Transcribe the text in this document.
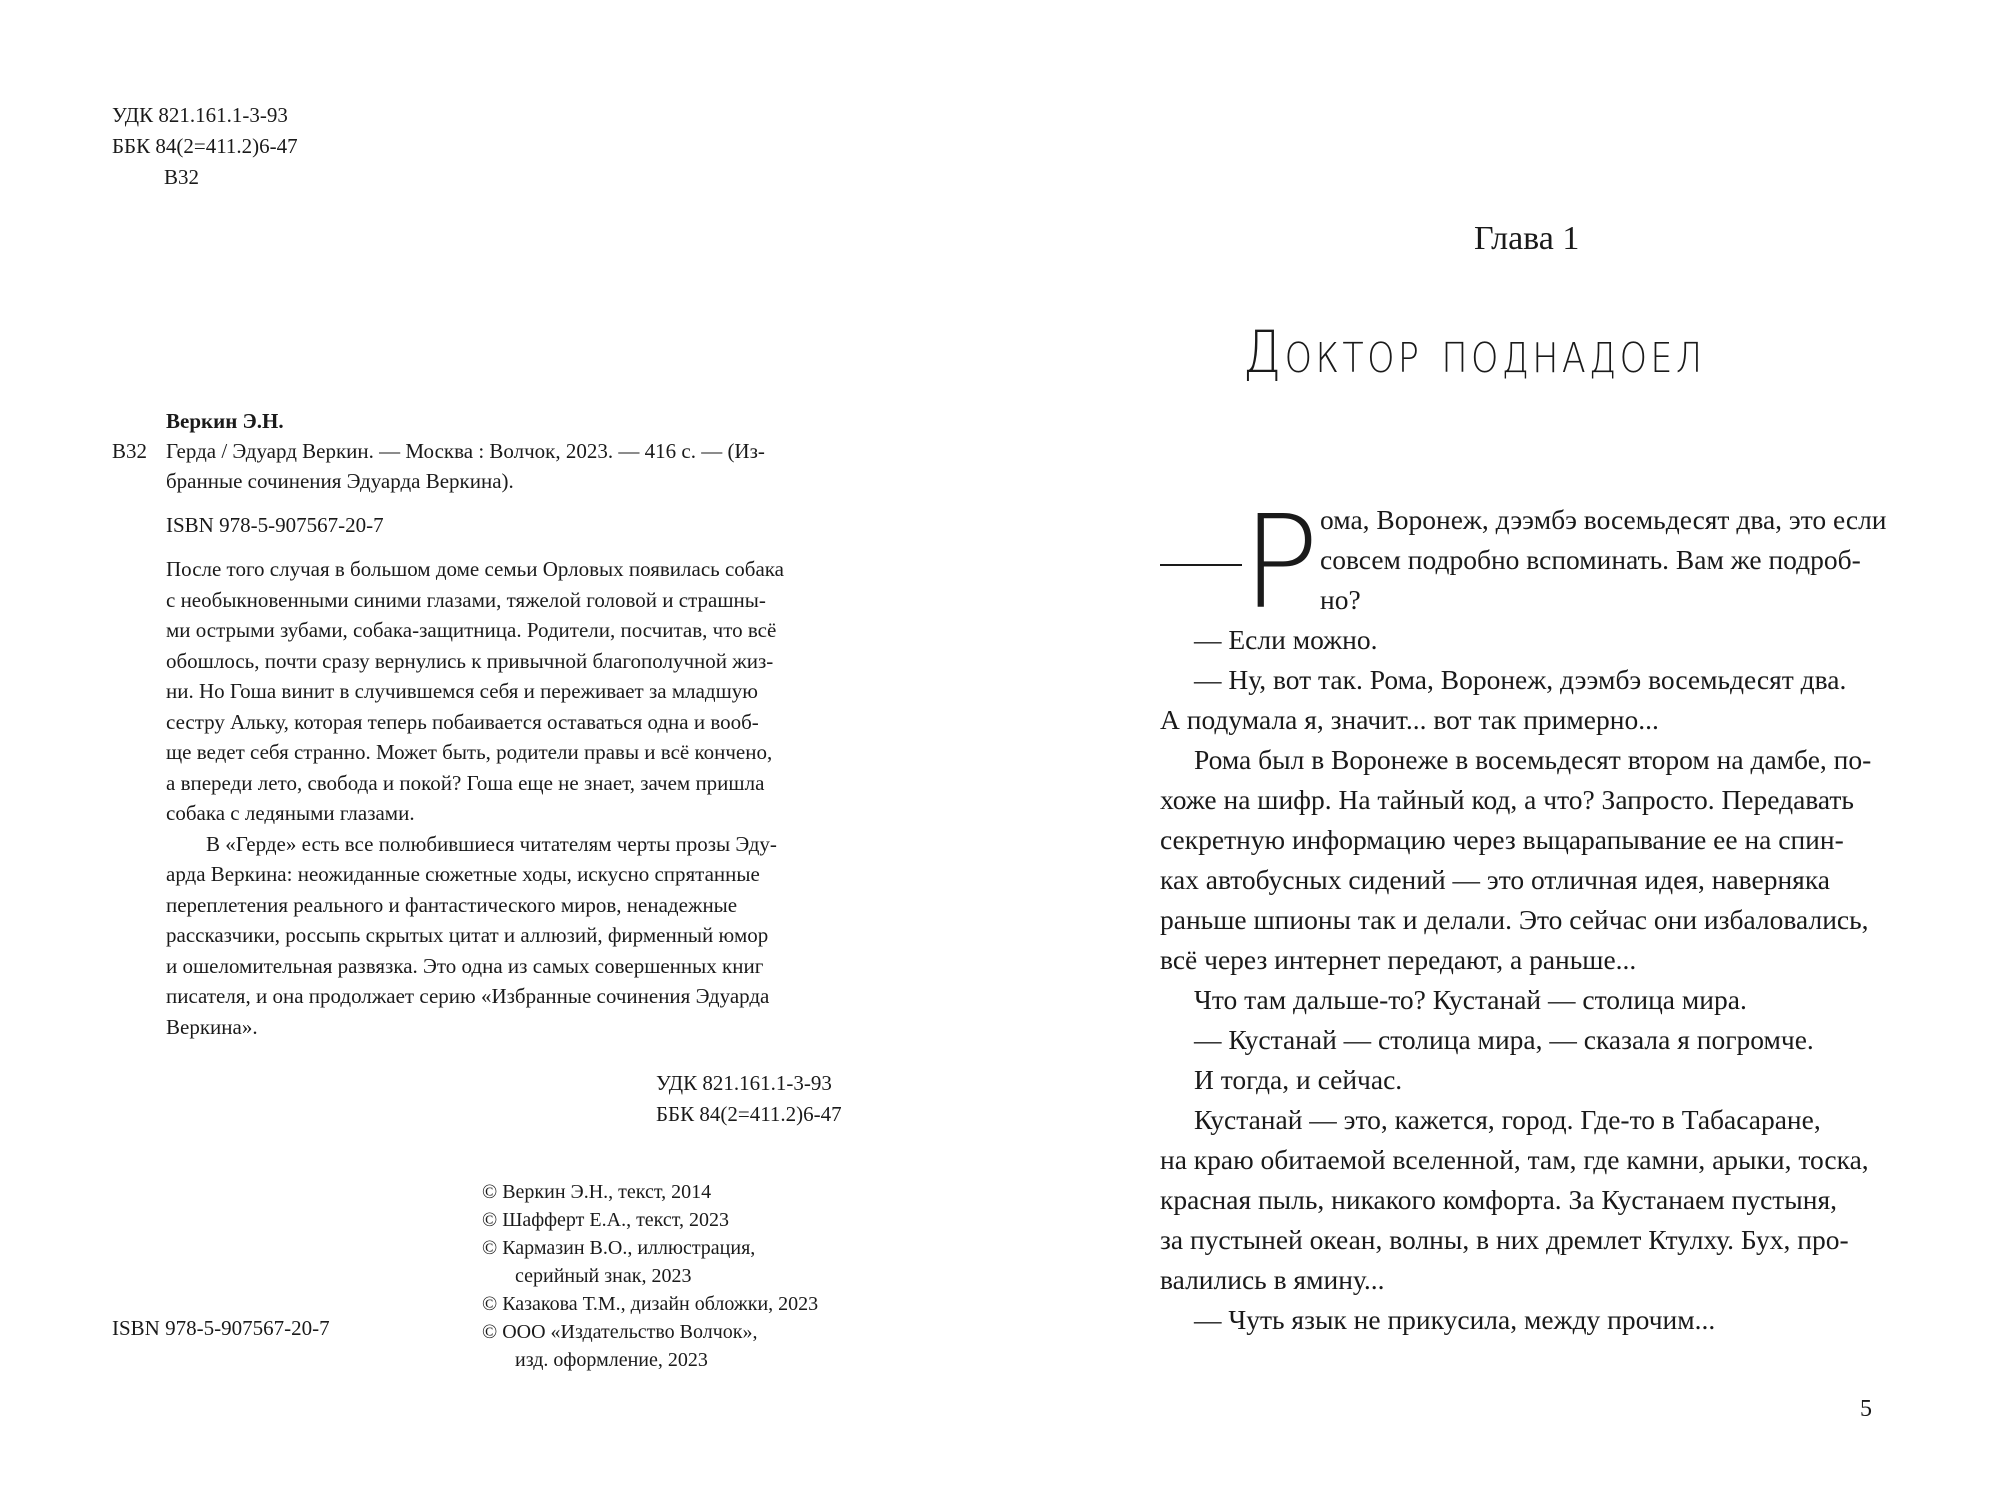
УДК 821.161.1-3-93
ББК 84(2=411.2)6-47
В32
Веркин Э.Н.
В32 Герда / Эдуард Веркин. — Москва : Волчок, 2023. — 416 с. — (Из-
бранные сочинения Эдуарда Веркина).
ISBN 978-5-907567-20-7
После того случая в большом доме семьи Орловых появилась собака
с необыкновенными синими глазами, тяжелой головой и страшны-
ми острыми зубами, собака-защитница. Родители, посчитав, что всё
обошлось, почти сразу вернулись к привычной благополучной жиз-
ни. Но Гоша винит в случившемся себя и переживает за младшую
сестру Альку, которая теперь побаивается оставаться одна и вооб-
ще ведет себя странно. Может быть, родители правы и всё кончено,
а впереди лето, свобода и покой? Гоша еще не знает, зачем пришла
собака с ледяными глазами.
В «Герде» есть все полюбившиеся читателям черты прозы Эду-
арда Веркина: неожиданные сюжетные ходы, искусно спрятанные
переплетения реального и фантастического миров, ненадежные
рассказчики, россыпь скрытых цитат и аллюзий, фирменный юмор
и ошеломительная развязка. Это одна из самых совершенных книг
писателя, и она продолжает серию «Избранные сочинения Эдуарда
Веркина».
УДК 821.161.1-3-93
ББК 84(2=411.2)6-47
© Веркин Э.Н., текст, 2014
© Шафферт Е.А., текст, 2023
© Кармазин В.О., иллюстрация,
серийный знак, 2023
© Казакова Т.М., дизайн обложки, 2023
© ООО «Издательство Волчок»,
изд. оформление, 2023
ISBN 978-5-907567-20-7
Глава 1
Доктор поднадоел
Р ома, Воронеж, дээмбэ восемьдесят два, это если
совсем подробно вспоминать. Вам же подроб-
но?
— Если можно.
— Ну, вот так. Рома, Воронеж, дээмбэ восемьдесят два.
А подумала я, значит... вот так примерно...
Рома был в Воронеже в восемьдесят втором на дамбе, по-
хоже на шифр. На тайный код, а что? Запросто. Передавать
секретную информацию через выцарапывание ее на спин-
ках автобусных сидений — это отличная идея, наверняка
раньше шпионы так и делали. Это сейчас они избаловались,
всё через интернет передают, а раньше...
Что там дальше-то? Кустанай — столица мира.
— Кустанай — столица мира, — сказала я погромче.
И тогда, и сейчас.
Кустанай — это, кажется, город. Где-то в Табасаране,
на краю обитаемой вселенной, там, где камни, арыки, тоска,
красная пыль, никакого комфорта. За Кустанаем пустыня,
за пустыней океан, волны, в них дремлет Ктулху. Бух, про-
валились в ямину...
— Чуть язык не прикусила, между прочим...
5
